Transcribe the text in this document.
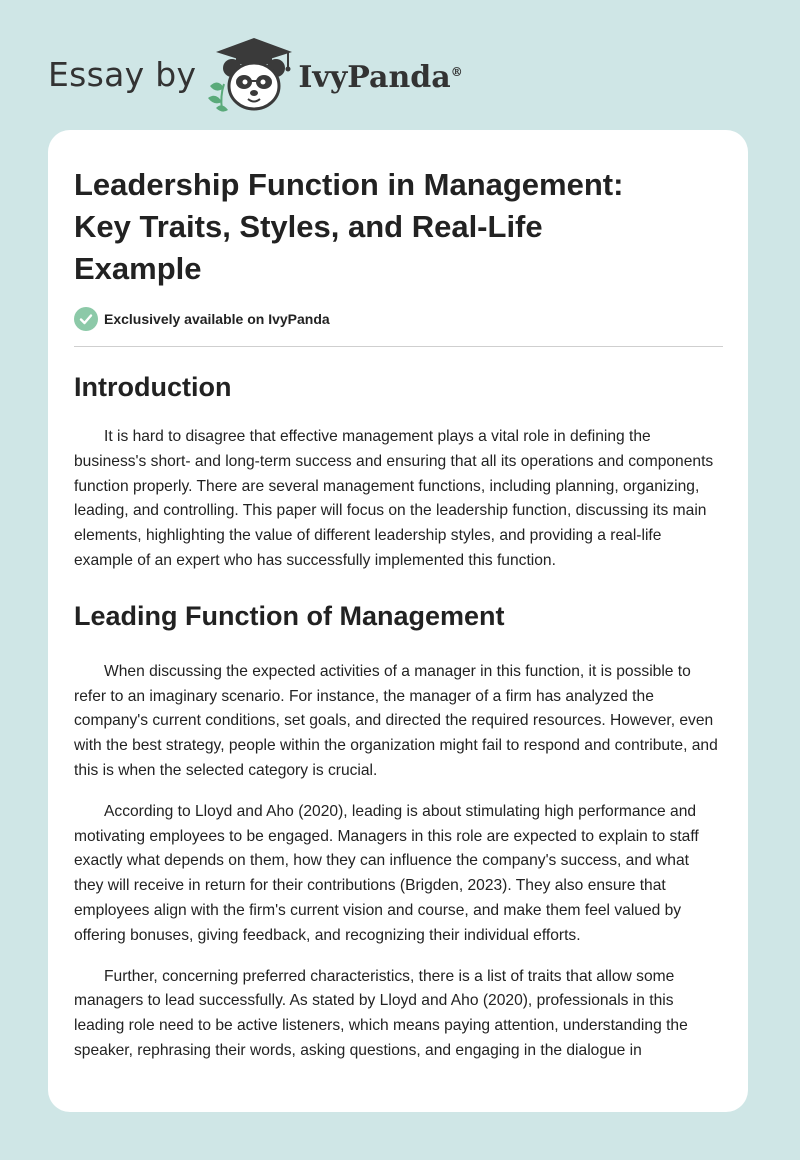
Essay by	IvyPanda®
Leadership Function in Management: Key Traits, Styles, and Real-Life Example
Exclusively available on IvyPanda
Introduction

It is hard to disagree that effective management plays a vital role in defining the business's short- and long-term success and ensuring that all its operations and components function properly. There are several management functions, including planning, organizing, leading, and controlling. This paper will focus on the leadership function, discussing its main elements, highlighting the value of different leadership styles, and providing a real-life example of an expert who has successfully implemented this function.

Leading Function of Management

When discussing the expected activities of a manager in this function, it is possible to refer to an imaginary scenario. For instance, the manager of a firm has analyzed the company's current conditions, set goals, and directed the required resources. However, even with the best strategy, people within the organization might fail to respond and contribute, and this is when the selected category is crucial.

According to Lloyd and Aho (2020), leading is about stimulating high performance and motivating employees to be engaged. Managers in this role are expected to explain to staff exactly what depends on them, how they can influence the company's success, and what they will receive in return for their contributions (Brigden, 2023). They also ensure that employees align with the firm's current vision and course, and make them feel valued by offering bonuses, giving feedback, and recognizing their individual efforts.

Further, concerning preferred characteristics, there is a list of traits that allow some managers to lead successfully. As stated by Lloyd and Aho (2020), professionals in this leading role need to be active listeners, which means paying attention, understanding the speaker, rephrasing their words, asking questions, and engaging in the dialogue in
